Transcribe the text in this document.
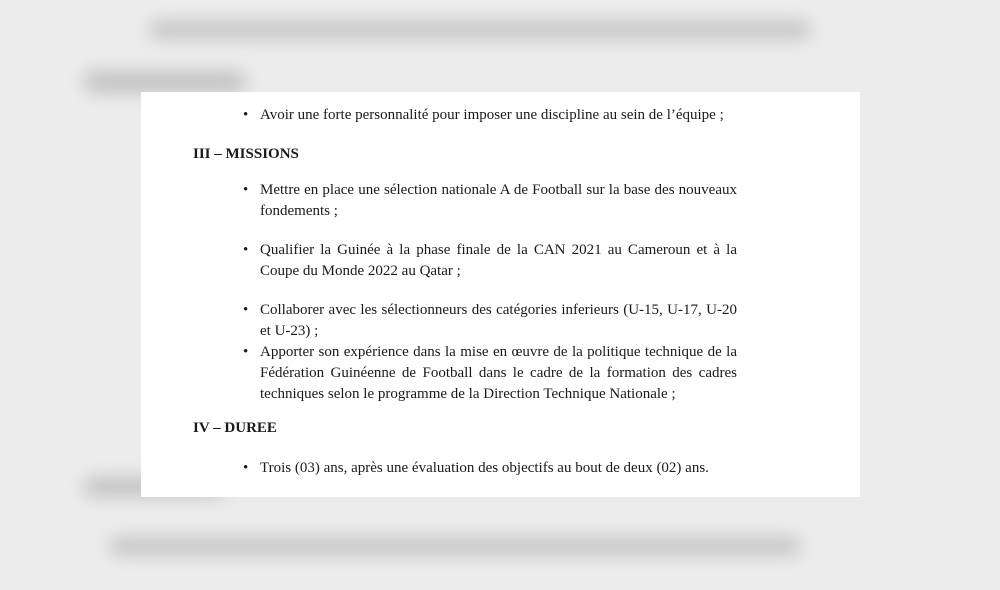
• Avoir une forte personnalité pour imposer une discipline au sein de l’équipe ;
III – MISSIONS
• Mettre en place une sélection nationale A de Football sur la base des nouveaux
fondements ;
• Qualifier la Guinée à la phase finale de la CAN 2021 au Cameroun et à la
Coupe du Monde 2022 au Qatar ;
• Collaborer avec les sélectionneurs des catégories inferieurs (U-15, U-17, U-20
et U-23) ;
• Apporter son expérience dans la mise en œuvre de la politique technique de la
Fédération Guinéenne de Football dans le cadre de la formation des cadres
techniques selon le programme de la Direction Technique Nationale ;
IV – DUREE
• Trois (03) ans, après une évaluation des objectifs au bout de deux (02) ans.
